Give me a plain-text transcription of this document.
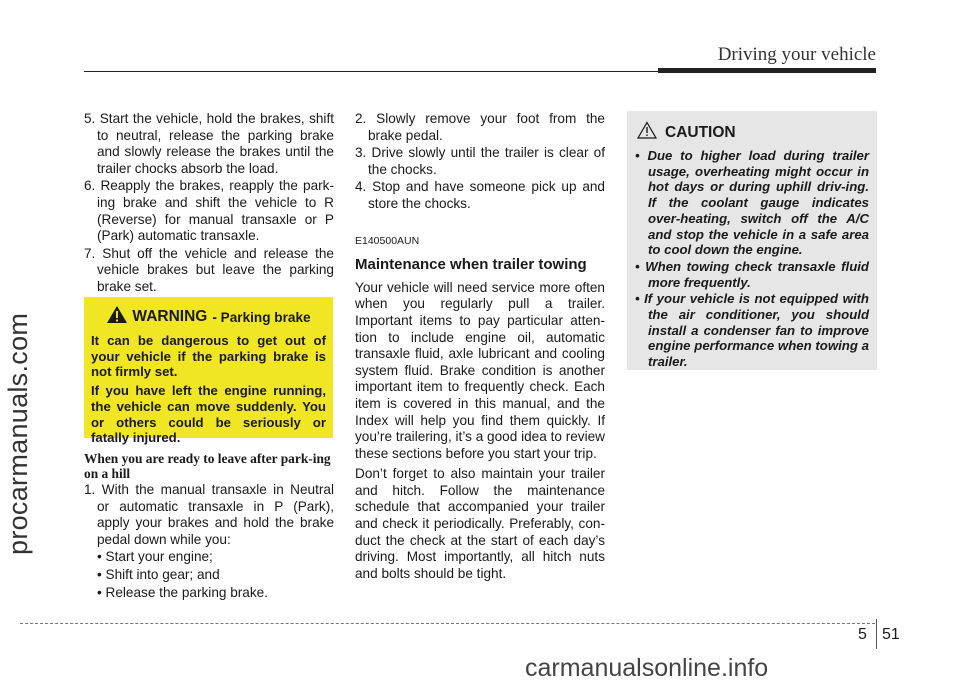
Driving your vehicle
procarmanuals.com
5. Start the vehicle, hold the brakes, shift to neutral, release the parking brake and slowly release the brakes until the trailer chocks absorb the load.
6. Reapply the brakes, reapply the park-ing brake and shift the vehicle to R (Reverse) for manual transaxle or P (Park) automatic transaxle.
7. Shut off the vehicle and release the vehicle brakes but leave the parking brake set.
WARNING - Parking brake

It can be dangerous to get out of your vehicle if the parking brake is not firmly set.

If you have left the engine running, the vehicle can move suddenly. You or others could be seriously or fatally injured.

When you are ready to leave after park-ing on a hill
1. With the manual transaxle in Neutral or automatic transaxle in P (Park), apply your brakes and hold the brake pedal down while you:
• Start your engine;
• Shift into gear; and
• Release the parking brake.
2. Slowly remove your foot from the brake pedal.
3. Drive slowly until the trailer is clear of the chocks.
4. Stop and have someone pick up and store the chocks.
E140500AUN
Maintenance when trailer towing

Your vehicle will need service more often when you regularly pull a trailer. Important items to pay particular atten-tion to include engine oil, automatic transaxle fluid, axle lubricant and cooling system fluid. Brake condition is another important item to frequently check. Each item is covered in this manual, and the Index will help you find them quickly. If you’re trailering, it’s a good idea to review these sections before you start your trip.

Don’t forget to also maintain your trailer and hitch. Follow the maintenance schedule that accompanied your trailer and check it periodically. Preferably, con-duct the check at the start of each day’s driving. Most importantly, all hitch nuts and bolts should be tight.

CAUTION
• Due to higher load during trailer usage, overheating might occur in hot days or during uphill driv-ing. If the coolant gauge indicates over-heating, switch off the A/C and stop the vehicle in a safe area to cool down the engine.
• When towing check transaxle fluid more frequently.
• If your vehicle is not equipped with the air conditioner, you should install a condenser fan to improve engine performance when towing a trailer.
5 51
carmanualsonline.info
